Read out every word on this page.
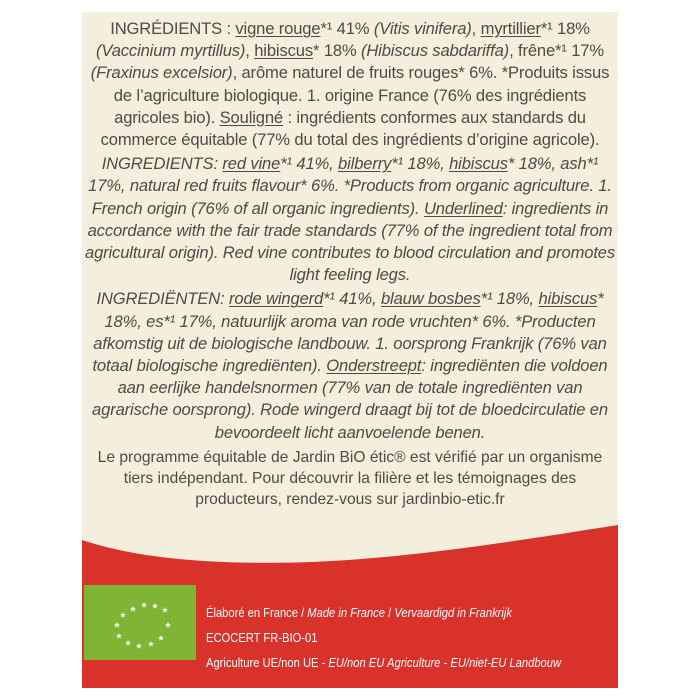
INGRÉDIENTS : vigne rouge*¹ 41% (Vitis vinifera), myrtillier*¹ 18% (Vaccinium myrtillus), hibiscus* 18% (Hibiscus sabdariffa), frêne*¹ 17% (Fraxinus excelsior), arôme naturel de fruits rouges* 6%. *Produits issus de l’agriculture biologique. 1. origine France (76% des ingrédients agricoles bio). Souligné : ingrédients conformes aux standards du commerce équitable (77% du total des ingrédients d’origine agricole).

INGREDIENTS: red vine*¹ 41%, bilberry*¹ 18%, hibiscus* 18%, ash*¹ 17%, natural red fruits flavour* 6%. *Products from organic agriculture. 1. French origin (76% of all organic ingredients). Underlined: ingredients in accordance with the fair trade standards (77% of the ingredient total from agricultural origin). Red vine contributes to blood circulation and promotes light feeling legs.

INGREDIËNTEN: rode wingerd*¹ 41%, blauw bosbes*¹ 18%, hibiscus* 18%, es*¹ 17%, natuurlijk aroma van rode vruchten* 6%. *Producten afkomstig uit de biologische landbouw. 1. oorsprong Frankrijk (76% van totaal biologische ingrediënten). Onderstreept: ingrediënten die voldoen aan eerlijke handelsnormen (77% van de totale ingrediënten van agrarische oorsprong). Rode wingerd draagt bij tot de bloedcirculatie en bevoordeelt licht aanvoelende benen.

Le programme équitable de Jardin BiO étic® est vérifié par un organisme tiers indépendant. Pour découvrir la filière et les témoignages des producteurs, rendez-vous sur jardinbio-etic.fr

Élaboré en France / Made in France / Vervaardigd in Frankrijk
ECOCERT FR-BIO-01
Agriculture UE/non UE - EU/non EU Agriculture - EU/niet-EU Landbouw
